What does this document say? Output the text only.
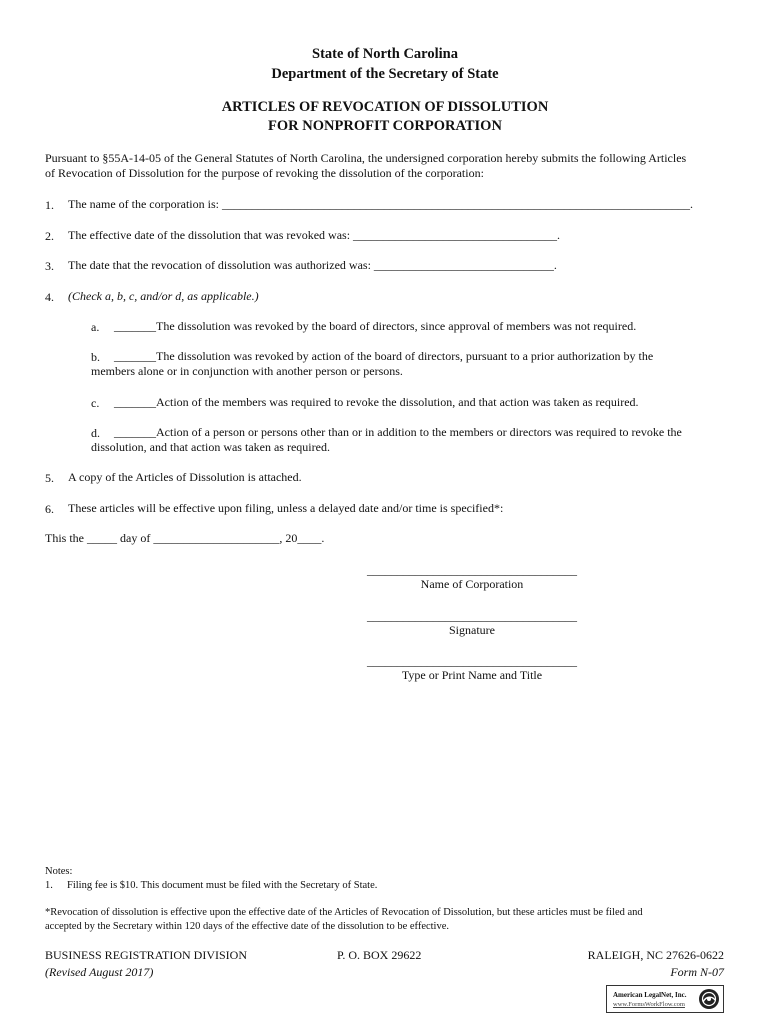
State of North Carolina
Department of the Secretary of State
ARTICLES OF REVOCATION OF DISSOLUTION
FOR NONPROFIT CORPORATION
Pursuant to §55A-14-05 of the General Statutes of North Carolina, the undersigned corporation hereby submits the following Articles
of Revocation of Dissolution for the purpose of revoking the dissolution of the corporation:
1. The name of the corporation is: ______________________________________________________________________________.
2. The effective date of the dissolution that was revoked was: __________________________________.
3. The date that the revocation of dissolution was authorized was: ______________________________.
4. (Check a, b, c, and/or d, as applicable.)
a. _______The dissolution was revoked by the board of directors, since approval of members was not required.
b. _______The dissolution was revoked by action of the board of directors, pursuant to a prior authorization by the
members alone or in conjunction with another person or persons.
c. _______Action of the members was required to revoke the dissolution, and that action was taken as required.
d. _______Action of a person or persons other than or in addition to the members or directors was required to revoke the
dissolution, and that action was taken as required.
5. A copy of the Articles of Dissolution is attached.
6. These articles will be effective upon filing, unless a delayed date and/or time is specified*:
This the _____ day of _____________________, 20____.
___________________________________
Name of Corporation
___________________________________
Signature
___________________________________
Type or Print Name and Title
Notes:
1. Filing fee is $10. This document must be filed with the Secretary of State.
*Revocation of dissolution is effective upon the effective date of the Articles of Revocation of Dissolution, but these articles must be filed and
accepted by the Secretary within 120 days of the effective date of the dissolution to be effective.
BUSINESS REGISTRATION DIVISION	P. O. BOX 29622	RALEIGH, NC 27626-0622
(Revised August 2017)	Form N-07
American LegalNet, Inc.
www.FormsWorkFlow.com
